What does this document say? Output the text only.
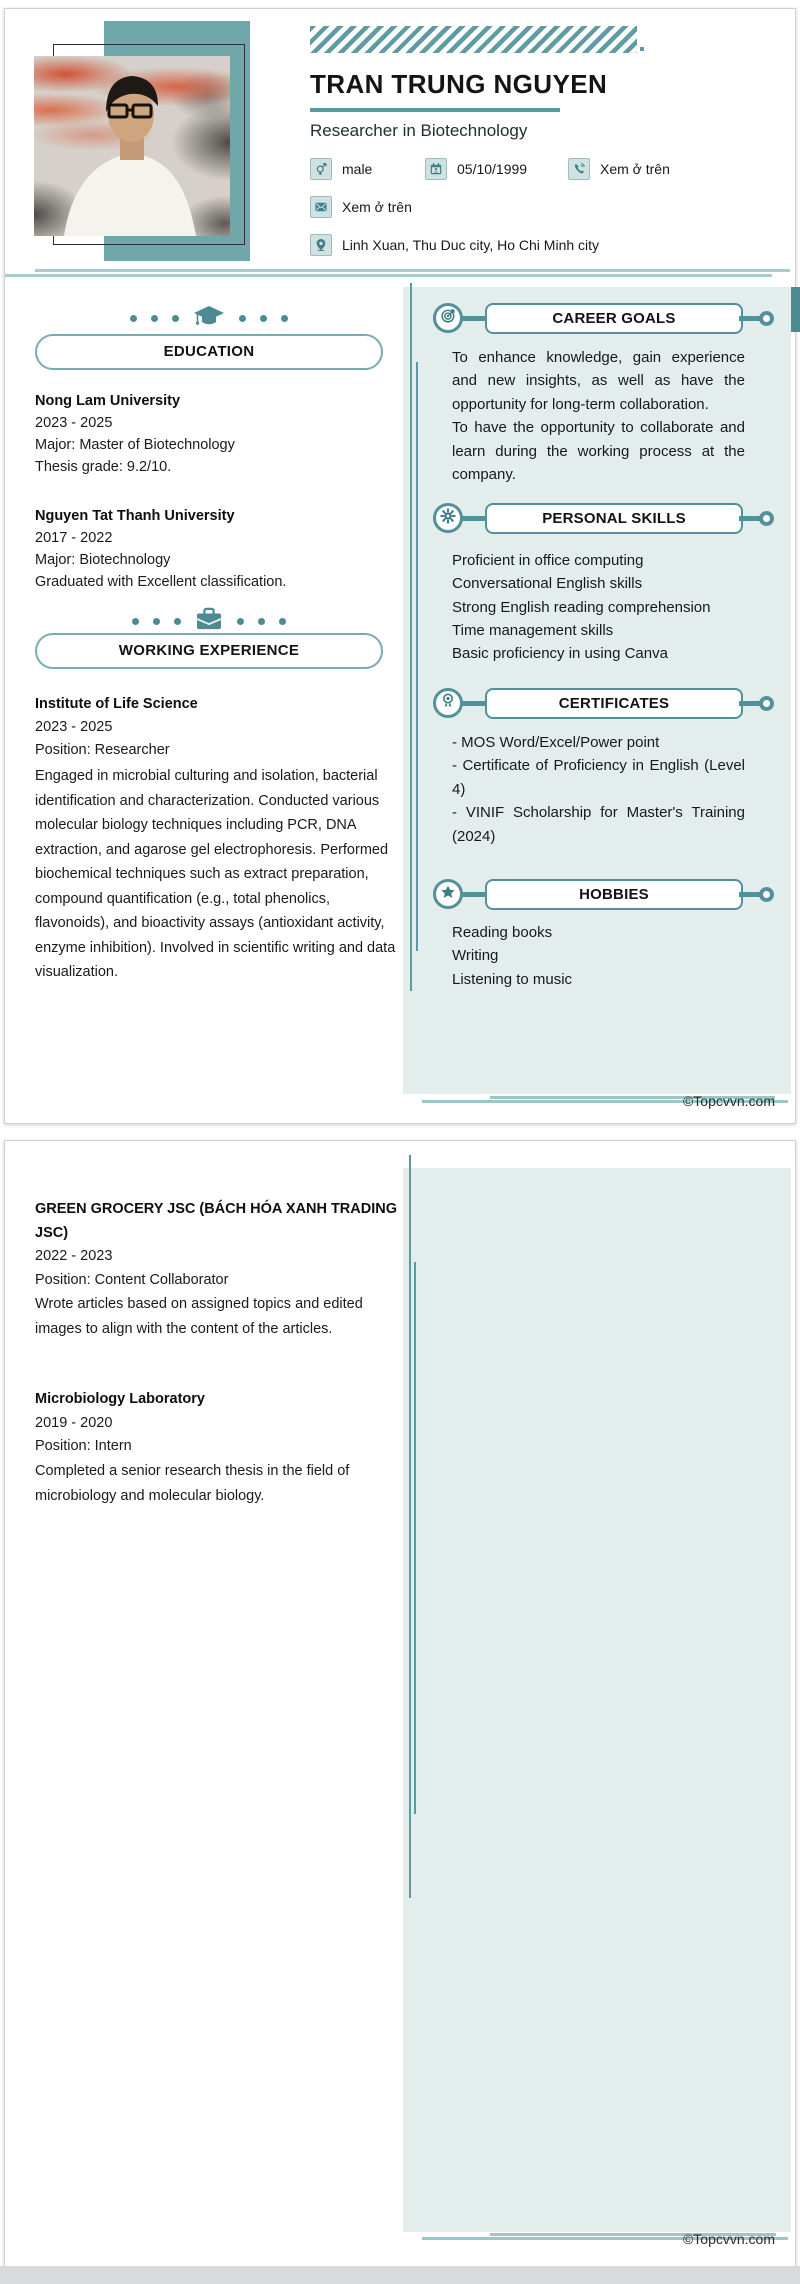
TRAN TRUNG NGUYEN
Researcher in Biotechnology
male	05/10/1999	Xem ở trên
Xem ở trên
Linh Xuan, Thu Duc city, Ho Chi Minh city
EDUCATION
Nong Lam University
2023 - 2025
Major: Master of Biotechnology
Thesis grade: 9.2/10.
Nguyen Tat Thanh University
2017 - 2022
Major: Biotechnology
Graduated with Excellent classification.
WORKING EXPERIENCE
Institute of Life Science
2023 - 2025
Position: Researcher

Engaged in microbial culturing and isolation, bacterial identification and characterization. Conducted various molecular biology techniques including PCR, DNA extraction, and agarose gel electrophoresis. Performed biochemical techniques such as extract preparation, compound quantification (e.g., total phenolics, flavonoids), and bioactivity assays (antioxidant activity, enzyme inhibition). Involved in scientific writing and data visualization.

CAREER GOALS

To enhance knowledge, gain experience and new insights, as well as have the opportunity for long-term collaboration.

To have the opportunity to collaborate and learn during the working process at the company.

PERSONAL SKILLS
Proficient in office computing
Conversational English skills
Strong English reading comprehension
Time management skills
Basic proficiency in using Canva
CERTIFICATES

- MOS Word/Excel/Power point

- Certificate of Proficiency in English (Level 4)

- VINIF Scholarship for Master's Training (2024)

HOBBIES
Reading books
Writing
Listening to music
©Topcvvn.com
GREEN GROCERY JSC (BÁCH HÓA XANH TRADING JSC)
2022 - 2023
Position: Content Collaborator

Wrote articles based on assigned topics and edited images to align with the content of the articles.

Microbiology Laboratory
2019 - 2020
Position: Intern

Completed a senior research thesis in the field of microbiology and molecular biology.

©Topcvvn.com
